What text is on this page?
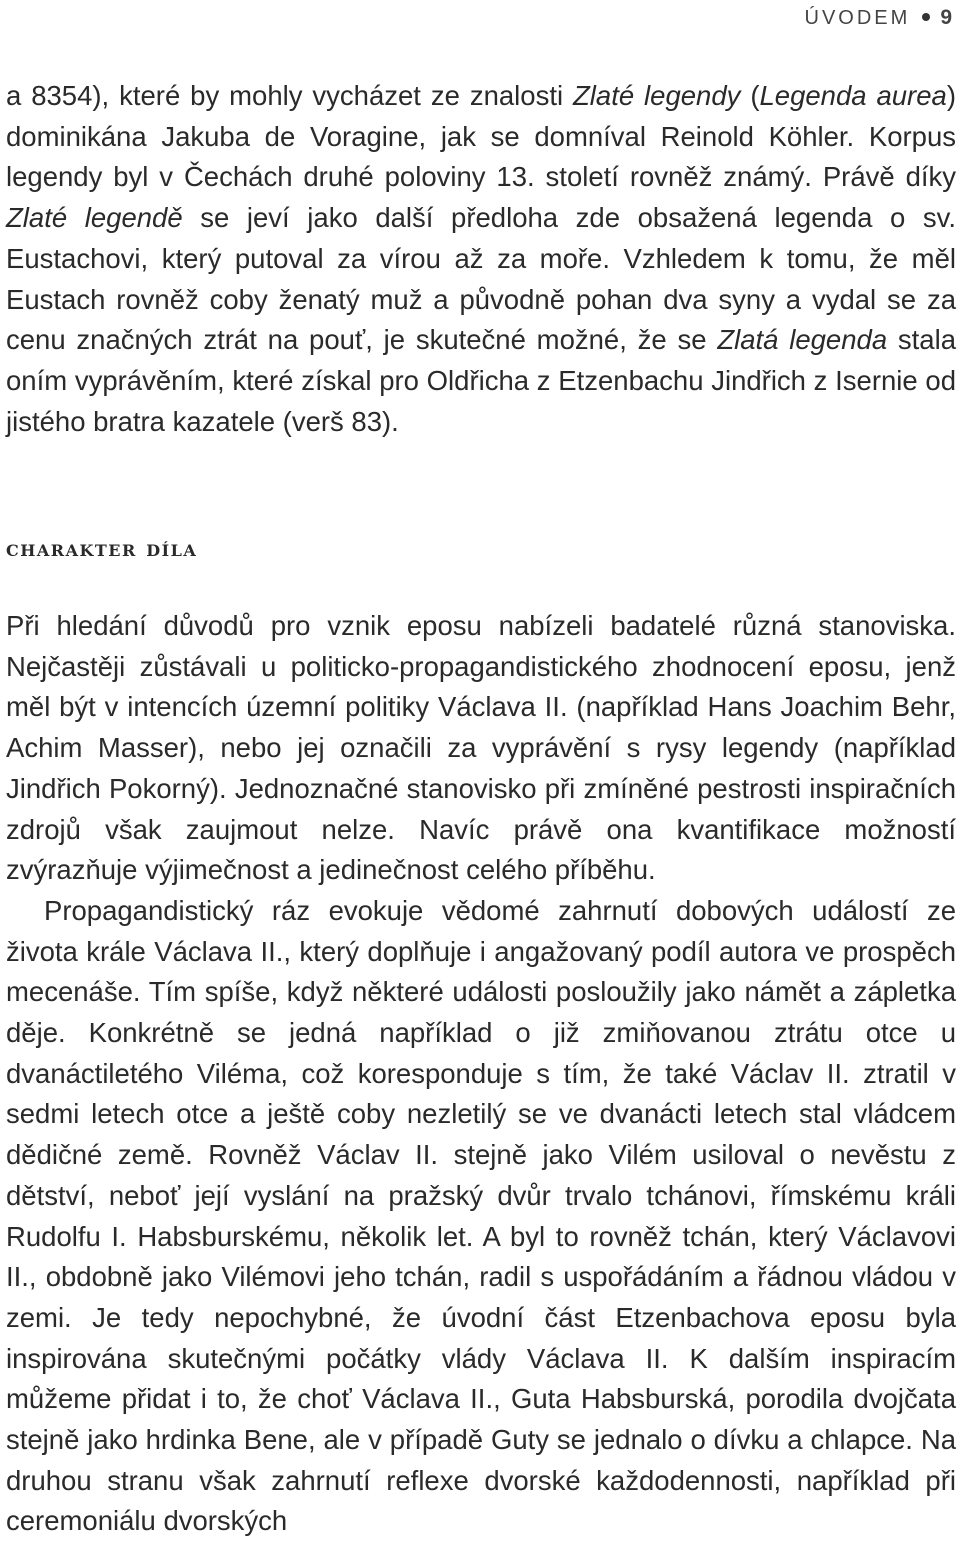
ÚVODEM 9

a 8354), které by mohly vycházet ze znalosti Zlaté legendy (Legenda aurea) dominikána Jakuba de Voragine, jak se domníval Reinold Köhler. Korpus legendy byl v Čechách druhé poloviny 13. století rovněž známý. Právě díky Zlaté legendě se jeví jako další předloha zde obsažená legenda o sv. Eustachovi, který putoval za vírou až za moře. Vzhledem k tomu, že měl Eustach rovněž coby ženatý muž a původně pohan dva syny a vydal se za cenu značných ztrát na pouť, je skutečné možné, že se Zlatá legenda stala oním vyprávěním, které získal pro Oldřicha z Etzenbachu Jindřich z Isernie od jistého bratra kazatele (verš 83).

charakter díla

Při hledání důvodů pro vznik eposu nabízeli badatelé různá stanoviska. Nejčastěji zůstávali u politicko-propagandistického zhodnocení eposu, jenž měl být v intencích územní politiky Václava II. (například Hans Joachim Behr, Achim Masser), nebo jej označili za vyprávění s rysy legendy (například Jindřich Pokorný). Jednoznačné stanovisko při zmíněné pestrosti inspiračních zdrojů však zaujmout nelze. Navíc právě ona kvantifikace možností zvýrazňuje výjimečnost a jedinečnost celého příběhu.

Propagandistický ráz evokuje vědomé zahrnutí dobových událostí ze života krále Václava II., který doplňuje i angažovaný podíl autora ve prospěch mecenáše. Tím spíše, když některé události posloužily jako námět a zápletka děje. Konkrétně se jedná například o již zmiňovanou ztrátu otce u dvanáctiletého Viléma, což koresponduje s tím, že také Václav II. ztratil v sedmi letech otce a ještě coby nezletilý se ve dvanácti letech stal vládcem dědičné země. Rovněž Václav II. stejně jako Vilém usiloval o nevěstu z dětství, neboť její vyslání na pražský dvůr trvalo tchánovi, římskému králi Rudolfu I. Habsburskému, několik let. A byl to rovněž tchán, který Václavovi II., obdobně jako Vilémovi jeho tchán, radil s uspořádáním a řádnou vládou v zemi. Je tedy nepochybné, že úvodní část Etzenbachova eposu byla inspirována skutečnými počátky vlády Václava II. K dalším inspiracím můžeme přidat i to, že choť Václava II., Guta Habsburská, porodila dvojčata stejně jako hrdinka Bene, ale v případě Guty se jednalo o dívku a chlapce. Na druhou stranu však zahrnutí reflexe dvorské každodennosti, například při ceremoniálu dvorských
